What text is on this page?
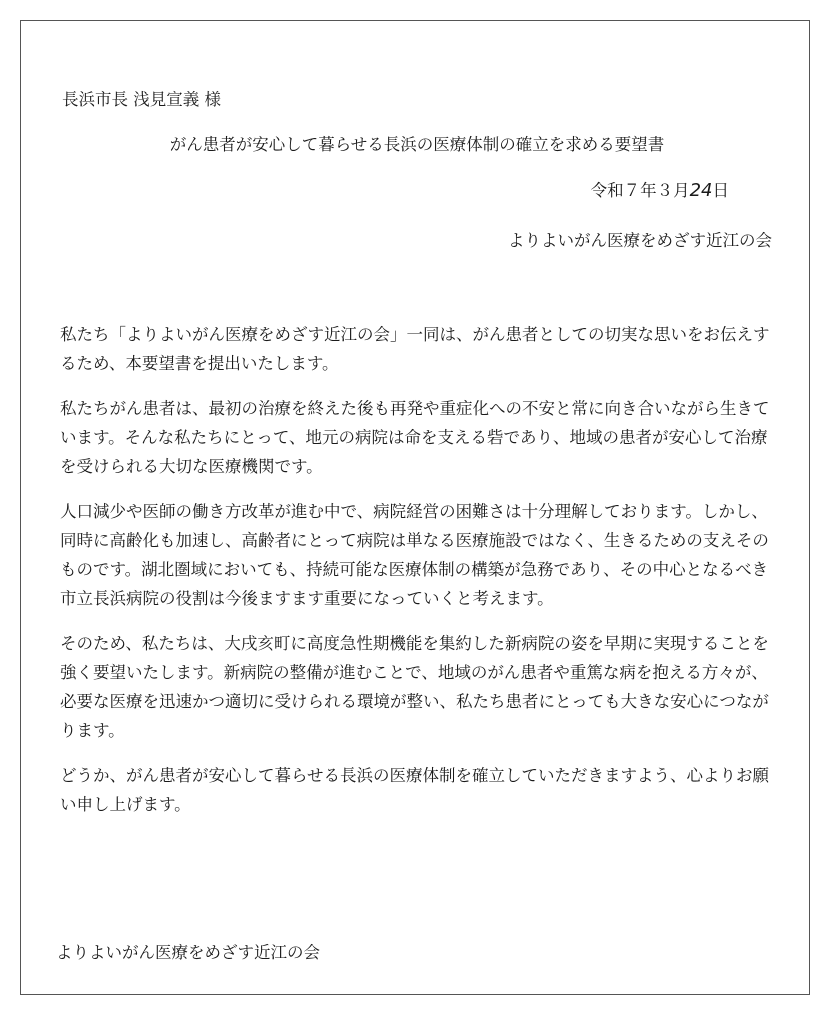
長浜市長 浅見宣義 様
がん患者が安心して暮らせる長浜の医療体制の確立を求める要望書
令和７年３月24日
よりよいがん医療をめざす近江の会

私たち「よりよいがん医療をめざす近江の会」一同は、がん患者としての切実な思いをお伝えするため、本要望書を提出いたします。

私たちがん患者は、最初の治療を終えた後も再発や重症化への不安と常に向き合いながら生きています。そんな私たちにとって、地元の病院は命を支える砦であり、地域の患者が安心して治療を受けられる大切な医療機関です。

人口減少や医師の働き方改革が進む中で、病院経営の困難さは十分理解しております。しかし、同時に高齢化も加速し、高齢者にとって病院は単なる医療施設ではなく、生きるための支えそのものです。湖北圏域においても、持続可能な医療体制の構築が急務であり、その中心となるべき市立長浜病院の役割は今後ますます重要になっていくと考えます。

そのため、私たちは、大戌亥町に高度急性期機能を集約した新病院の姿を早期に実現することを強く要望いたします。新病院の整備が進むことで、地域のがん患者や重篤な病を抱える方々が、必要な医療を迅速かつ適切に受けられる環境が整い、私たち患者にとっても大きな安心につながります。

どうか、がん患者が安心して暮らせる長浜の医療体制を確立していただきますよう、心よりお願い申し上げます。

よりよいがん医療をめざす近江の会
